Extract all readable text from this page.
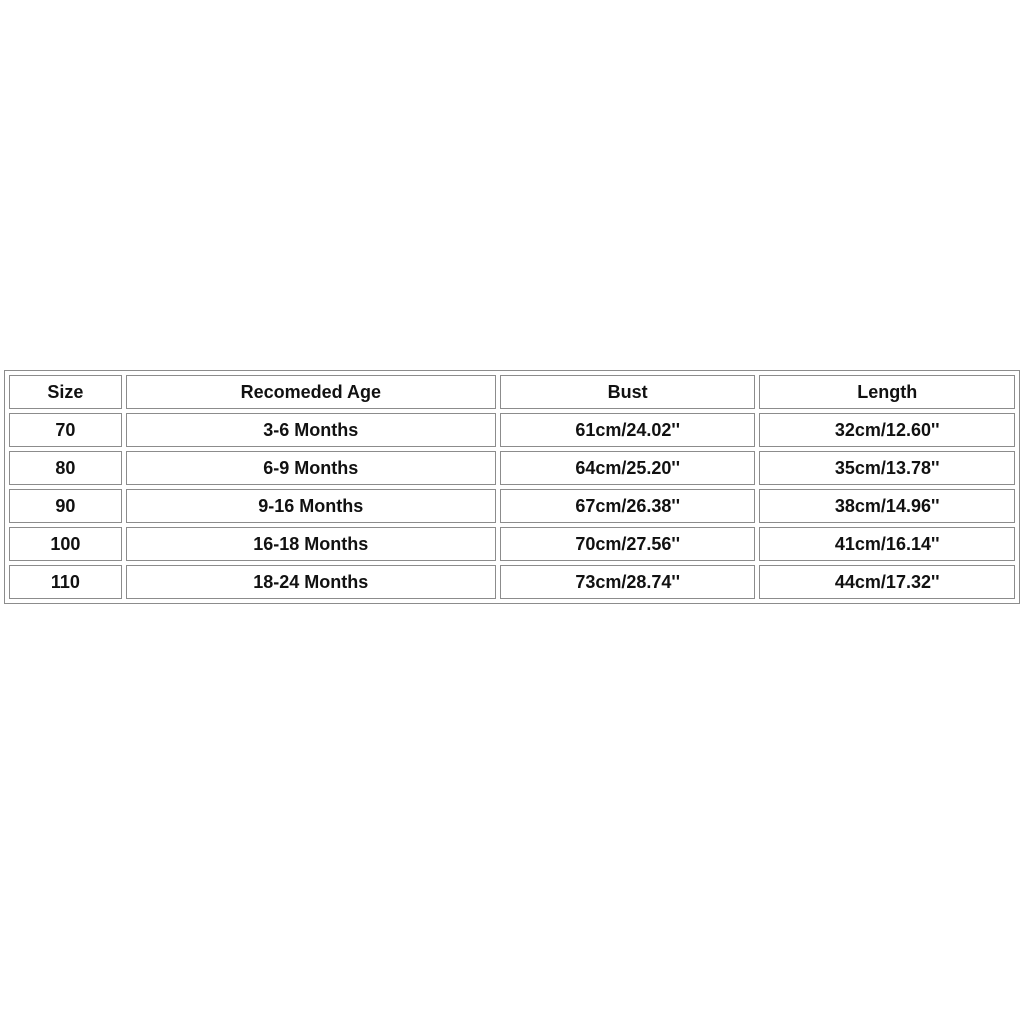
Size	Recomeded Age	Bust	Length
70	3-6 Months	61cm/24.02''	32cm/12.60''
80	6-9 Months	64cm/25.20''	35cm/13.78''
90	9-16 Months	67cm/26.38''	38cm/14.96''
100	16-18 Months	70cm/27.56''	41cm/16.14''
110	18-24 Months	73cm/28.74''	44cm/17.32''
